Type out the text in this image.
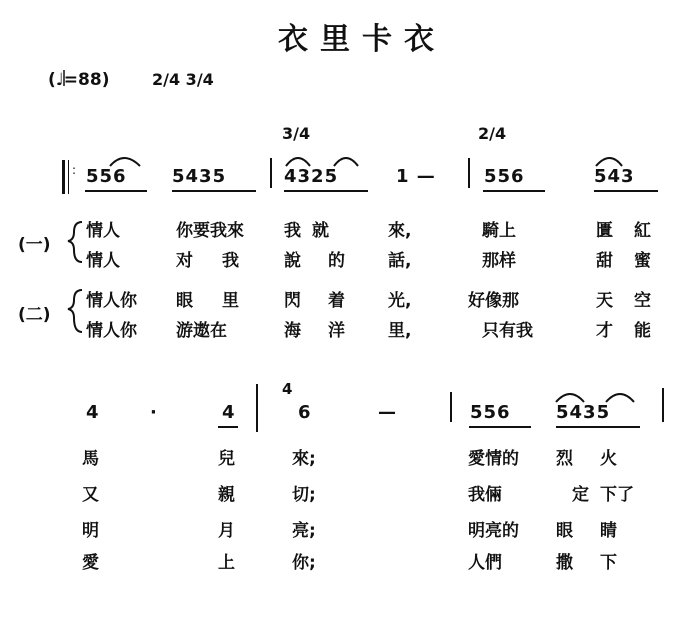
衣里卡衣
(♩=88)	2/4 3/4
3/4	2/4
: 556	5435	4325	1 —	556	543
(一)
(二)
情人	你要我來 我 就	來,	騎上	匱 紅
情人	对 我	說 的	話,	那样	甜 蜜
情人你 眼 里	閃 着	光,	好像那	天 空
情人你 游遨在	海 洋	里,	只有我	才 能
4	·	4
4
6	—	556	5435
馬	兒	來;	愛情的 烈 火
又	親	切;	我倆	定 下了
明	月	亮;	明亮的 眼 睛
愛	上	你;	人們	撒 下
